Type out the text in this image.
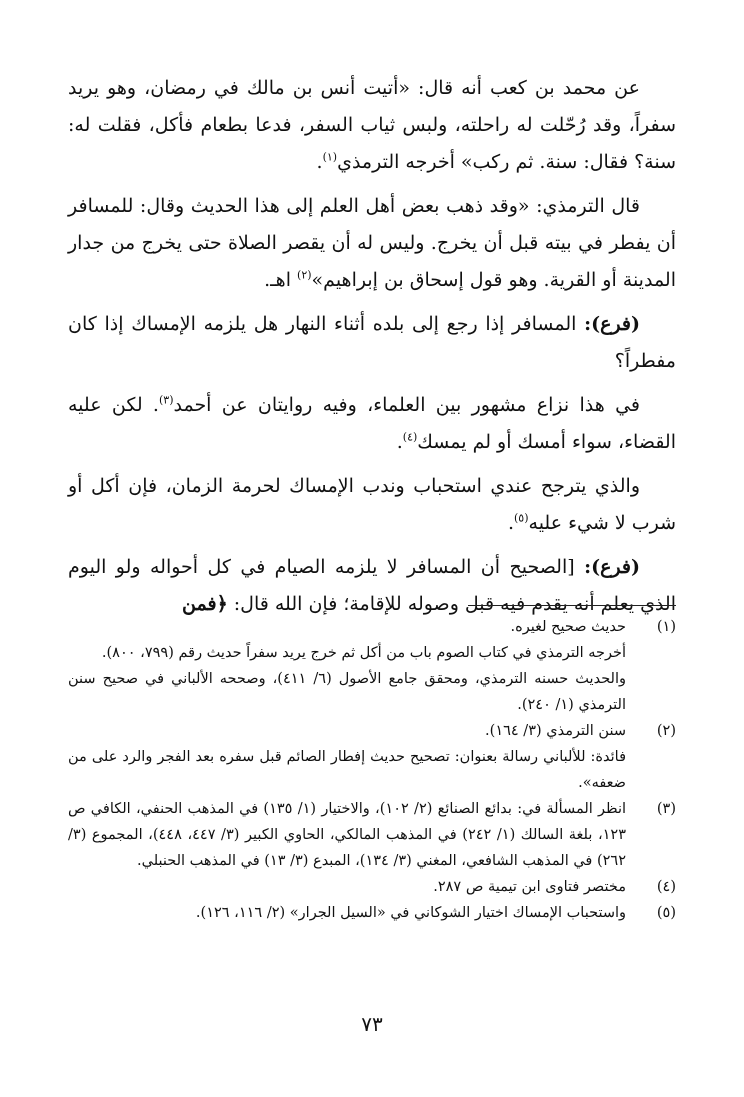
عن محمد بن كعب أنه قال: «أتيت أنس بن مالك في رمضان، وهو يريد سفراً، وقد رُحّلت له راحلته، ولبس ثياب السفر، فدعا بطعام فأكل، فقلت له: سنة؟ فقال: سنة. ثم ركب» أخرجه الترمذي$^{(١)}$.
قال الترمذي: «وقد ذهب بعض أهل العلم إلى هذا الحديث وقال: للمسافر أن يفطر في بيته قبل أن يخرج. وليس له أن يقصر الصلاة حتى يخرج من جدار المدينة أو القرية. وهو قول إسحاق بن إبراهيم»$^{(٢)}$ اهـ.
(فرع): المسافر إذا رجع إلى بلده أثناء النهار هل يلزمه الإمساك إذا كان مفطراً؟
في هذا نزاع مشهور بين العلماء، وفيه روايتان عن أحمد$^{(٣)}$. لكن عليه القضاء، سواء أمسك أو لم يمسك$^{(٤)}$.
والذي يترجح عندي استحباب وندب الإمساك لحرمة الزمان، فإن أكل أو شرب لا شيء عليه$^{(٥)}$.
(فرع): [الصحيح أن المسافر لا يلزمه الصيام في كل أحواله ولو اليوم الذي يعلم أنه يقدم فيه قبل وصوله للإقامة؛ فإن الله قال: ﴿فمن
(١)
حديث صحيح لغيره.
أخرجه الترمذي في كتاب الصوم باب من أكل ثم خرج يريد سفراً حديث رقم (٧٩٩، ٨٠٠).
والحديث حسنه الترمذي، ومحقق جامع الأصول (٦/ ٤١١)، وصححه الألباني في صحيح سنن الترمذي (١/ ٢٤٠).
(٢)
سنن الترمذي (٣/ ١٦٤).
فائدة: للألباني رسالة بعنوان: تصحيح حديث إفطار الصائم قبل سفره بعد الفجر والرد على من ضعفه».
(٣)
انظر المسألة في: بدائع الصنائع (٢/ ١٠٢)، والاختيار (١/ ١٣٥) في المذهب الحنفي، الكافي ص ١٢٣، بلغة السالك (١/ ٢٤٢) في المذهب المالكي، الحاوي الكبير (٣/ ٤٤٧، ٤٤٨)، المجموع (٣/ ٢٦٢) في المذهب الشافعي، المغني (٣/ ١٣٤)، المبدع (٣/ ١٣) في المذهب الحنبلي.
(٤)
مختصر فتاوى ابن تيمية ص ٢٨٧.
(٥)
واستحباب الإمساك اختيار الشوكاني في «السيل الجرار» (٢/ ١١٦، ١٢٦).
٧٣
